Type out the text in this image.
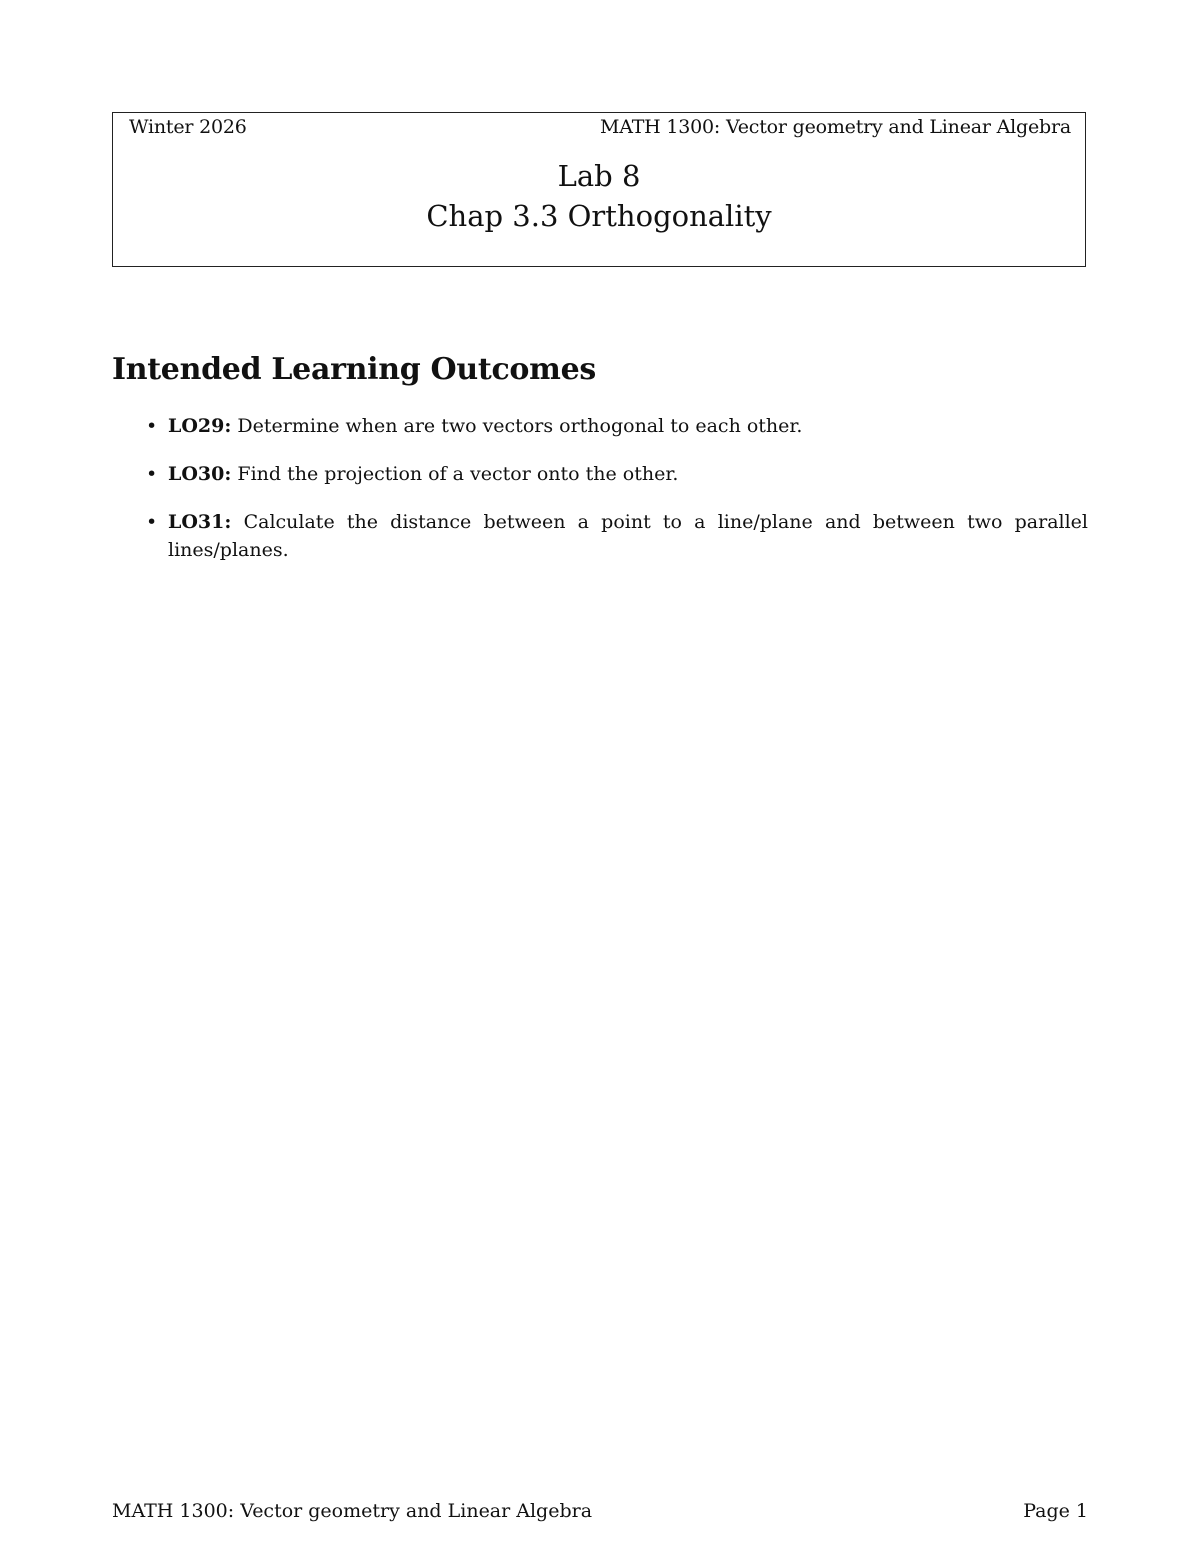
Winter 2026	MATH 1300: Vector geometry and Linear Algebra
Lab 8
Chap 3.3 Orthogonality
Intended Learning Outcomes
• LO29: Determine when are two vectors orthogonal to each other.
• LO30: Find the projection of a vector onto the other.
• LO31: Calculate the distance between a point to a line/plane and between two parallel lines/planes.
MATH 1300: Vector geometry and Linear Algebra	Page 1
